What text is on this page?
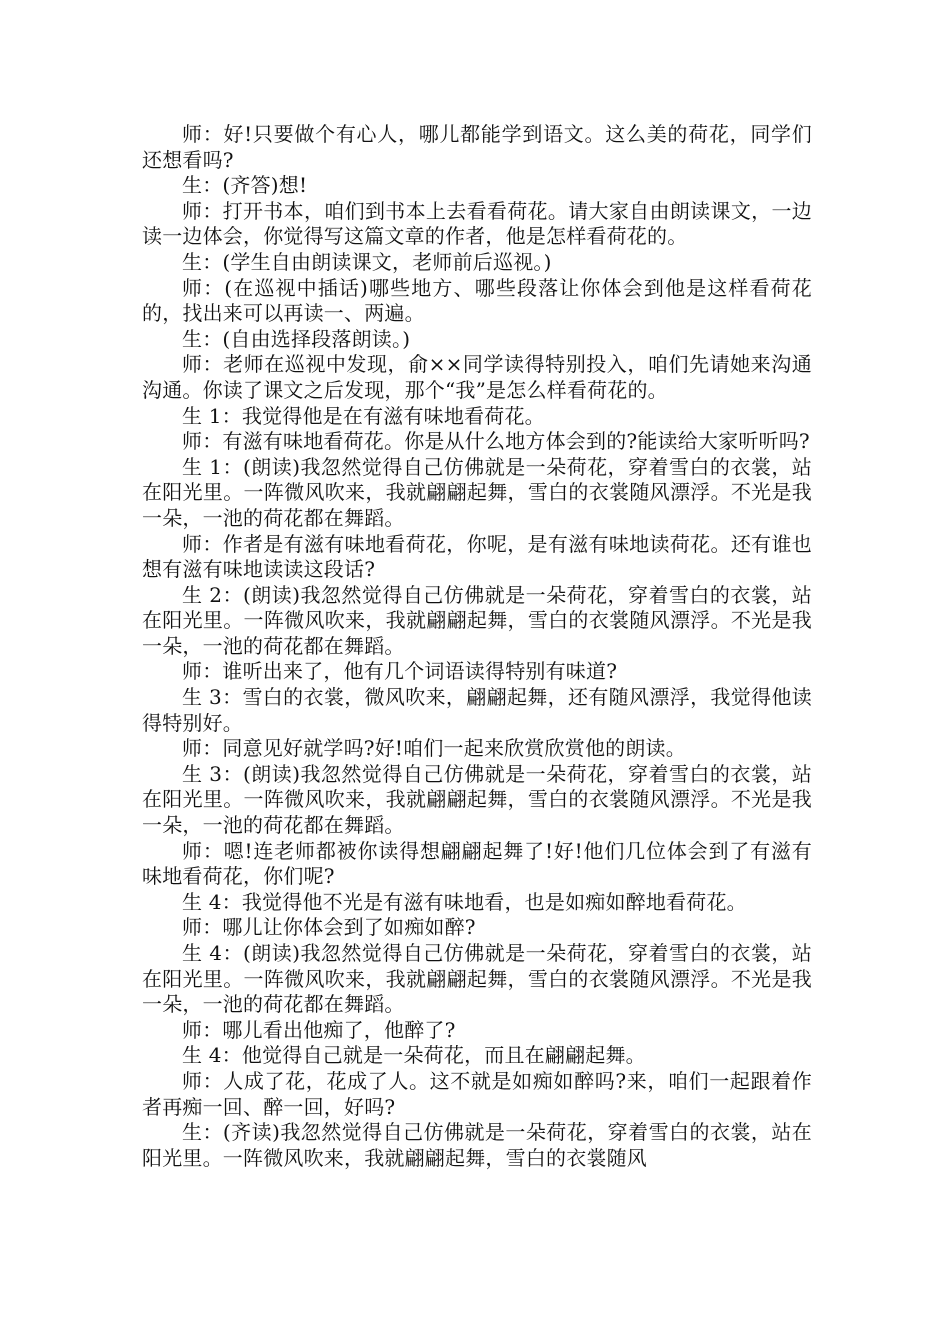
师：好!只要做个有心人，哪儿都能学到语文。这么美的荷花，同学们还想看吗?

生：(齐答)想!

师：打开书本，咱们到书本上去看看荷花。请大家自由朗读课文，一边读一边体会，你觉得写这篇文章的作者，他是怎样看荷花的。

生：(学生自由朗读课文，老师前后巡视。)

师：(在巡视中插话)哪些地方、哪些段落让你体会到他是这样看荷花的，找出来可以再读一、两遍。

生：(自由选择段落朗读。)

师：老师在巡视中发现，俞××同学读得特别投入，咱们先请她来沟通沟通。你读了课文之后发现，那个“我”是怎么样看荷花的。

生 1：我觉得他是在有滋有味地看荷花。

师：有滋有味地看荷花。你是从什么地方体会到的?能读给大家听听吗?

生 1：(朗读)我忽然觉得自己仿佛就是一朵荷花，穿着雪白的衣裳，站在阳光里。一阵微风吹来，我就翩翩起舞，雪白的衣裳随风漂浮。不光是我一朵，一池的荷花都在舞蹈。

师：作者是有滋有味地看荷花，你呢，是有滋有味地读荷花。还有谁也想有滋有味地读读这段话?

生 2：(朗读)我忽然觉得自己仿佛就是一朵荷花，穿着雪白的衣裳，站在阳光里。一阵微风吹来，我就翩翩起舞，雪白的衣裳随风漂浮。不光是我一朵，一池的荷花都在舞蹈。

师：谁听出来了，他有几个词语读得特别有味道?

生 3：雪白的衣裳，微风吹来，翩翩起舞，还有随风漂浮，我觉得他读得特别好。

师：同意见好就学吗?好!咱们一起来欣赏欣赏他的朗读。

生 3：(朗读)我忽然觉得自己仿佛就是一朵荷花，穿着雪白的衣裳，站在阳光里。一阵微风吹来，我就翩翩起舞，雪白的衣裳随风漂浮。不光是我一朵，一池的荷花都在舞蹈。

师：嗯!连老师都被你读得想翩翩起舞了!好!他们几位体会到了有滋有味地看荷花，你们呢?

生 4：我觉得他不光是有滋有味地看，也是如痴如醉地看荷花。

师：哪儿让你体会到了如痴如醉?

生 4：(朗读)我忽然觉得自己仿佛就是一朵荷花，穿着雪白的衣裳，站在阳光里。一阵微风吹来，我就翩翩起舞，雪白的衣裳随风漂浮。不光是我一朵，一池的荷花都在舞蹈。

师：哪儿看出他痴了，他醉了?

生 4：他觉得自己就是一朵荷花，而且在翩翩起舞。

师：人成了花，花成了人。这不就是如痴如醉吗?来，咱们一起跟着作者再痴一回、醉一回，好吗?

生：(齐读)我忽然觉得自己仿佛就是一朵荷花，穿着雪白的衣裳，站在阳光里。一阵微风吹来，我就翩翩起舞，雪白的衣裳随风
